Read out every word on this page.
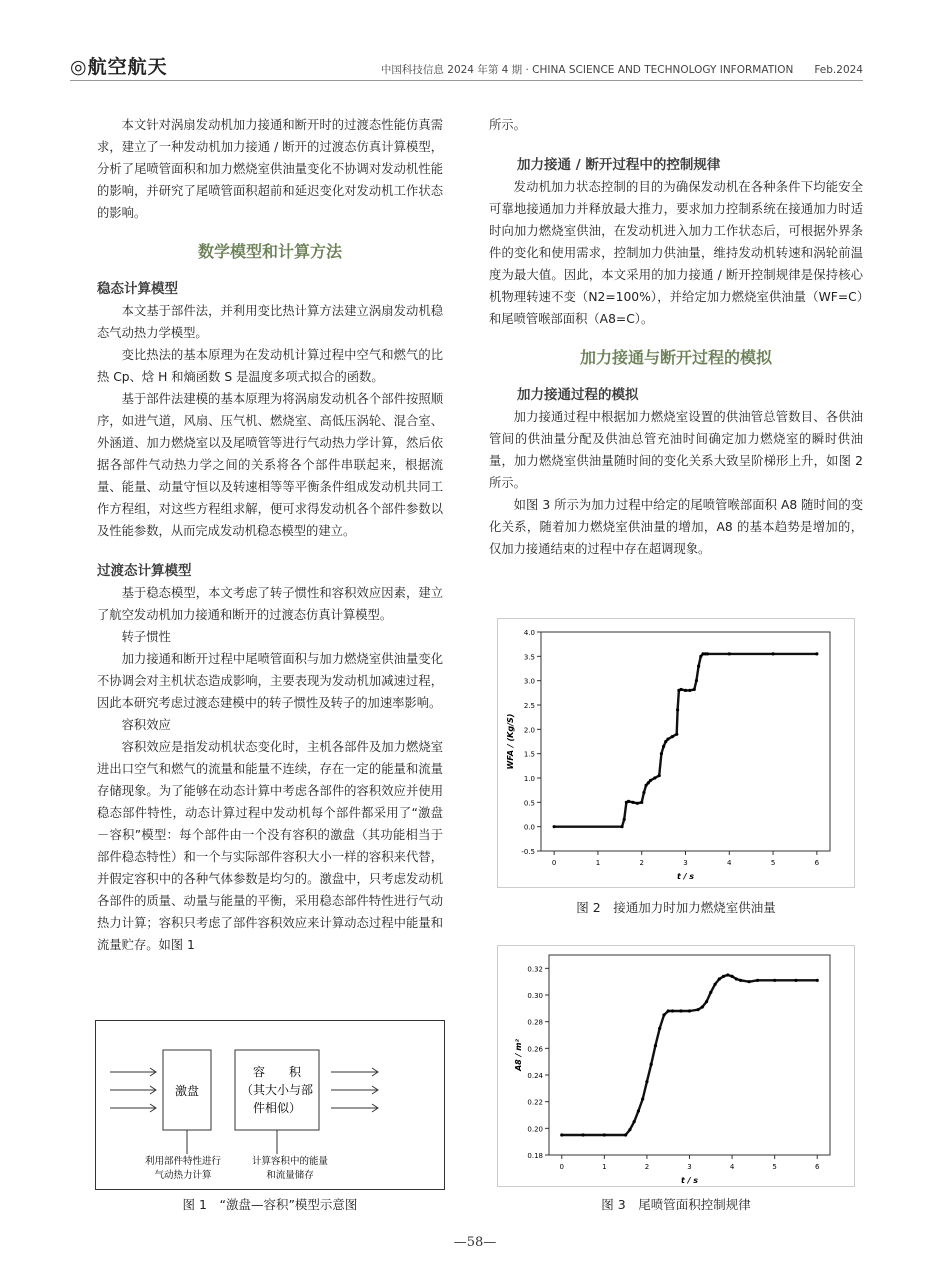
◎航空航天	中国科技信息 2024 年第 4 期 · CHINA SCIENCE AND TECHNOLOGY INFORMATION　　Feb.2024

本文针对涡扇发动机加力接通和断开时的过渡态性能仿真需求，建立了一种发动机加力接通 / 断开的过渡态仿真计算模型，分析了尾喷管面积和加力燃烧室供油量变化不协调对发动机性能的影响，并研究了尾喷管面积超前和延迟变化对发动机工作状态的影响。

数学模型和计算方法
稳态计算模型

本文基于部件法，并利用变比热计算方法建立涡扇发动机稳态气动热力学模型。

变比热法的基本原理为在发动机计算过程中空气和燃气的比热 Cp、焓 H 和熵函数 S 是温度多项式拟合的函数。

基于部件法建模的基本原理为将涡扇发动机各个部件按照顺序，如进气道，风扇、压气机、燃烧室、高低压涡轮、混合室、外涵道、加力燃烧室以及尾喷管等进行气动热力学计算，然后依据各部件气动热力学之间的关系将各个部件串联起来，根据流量、能量、动量守恒以及转速相等等平衡条件组成发动机共同工作方程组，对这些方程组求解，便可求得发动机各个部件参数以及性能参数，从而完成发动机稳态模型的建立。

过渡态计算模型

基于稳态模型，本文考虑了转子惯性和容积效应因素，建立了航空发动机加力接通和断开的过渡态仿真计算模型。

转子惯性

加力接通和断开过程中尾喷管面积与加力燃烧室供油量变化不协调会对主机状态造成影响，主要表现为发动机加减速过程，因此本研究考虑过渡态建模中的转子惯性及转子的加速率影响。

容积效应

容积效应是指发动机状态变化时，主机各部件及加力燃烧室进出口空气和燃气的流量和能量不连续，存在一定的能量和流量存储现象。为了能够在动态计算中考虑各部件的容积效应并使用稳态部件特性，动态计算过程中发动机每个部件都采用了“激盘－容积”模型：每个部件由一个没有容积的激盘（其功能相当于部件稳态特性）和一个与实际部件容积大小一样的容积来代替，并假定容积中的各种气体参数是均匀的。激盘中，只考虑发动机各部件的质量、动量与能量的平衡，采用稳态部件特性进行气动热力计算；容积只考虑了部件容积效应来计算动态过程中能量和流量贮存。如图 1

所示。

加力接通 / 断开过程中的控制规律

发动机加力状态控制的目的为确保发动机在各种条件下均能安全可靠地接通加力并释放最大推力，要求加力控制系统在接通加力时适时向加力燃烧室供油，在发动机进入加力工作状态后，可根据外界条件的变化和使用需求，控制加力供油量，维持发动机转速和涡轮前温度为最大值。因此，本文采用的加力接通 / 断开控制规律是保持核心机物理转速不变（N2=100%），并给定加力燃烧室供油量（WF=C）和尾喷管喉部面积（A8=C）。

加力接通与断开过程的模拟
加力接通过程的模拟

加力接通过程中根据加力燃烧室设置的供油管总管数目、各供油管间的供油量分配及供油总管充油时间确定加力燃烧室的瞬时供油量，加力燃烧室供油量随时间的变化关系大致呈阶梯形上升，如图 2 所示。

如图 3 所示为加力过程中给定的尾喷管喉部面积 A8 随时间的变化关系，随着加力燃烧室供油量的增加，A8 的基本趋势是增加的，仅加力接通结束的过程中存在超调现象。

激盘
容　　积
（其大小与部
件相似）
利用部件特性进行
气动热力计算
计算容积中的能量
和流量储存
图 1　“激盘—容积”模型示意图
-0.5
0.0
0.5
1.0
1.5
2.0
2.5
3.0
3.5
4.0
0	1	2	3	4	5	6
t / s
WFA / (Kg/S)
图 2　接通加力时加力燃烧室供油量
0.18
0.20
0.22
0.24
0.26
0.28
0.30
0.32
0	1	2	3	4	5	6
t / s
A8 / m²
图 3　尾喷管面积控制规律
—58—
